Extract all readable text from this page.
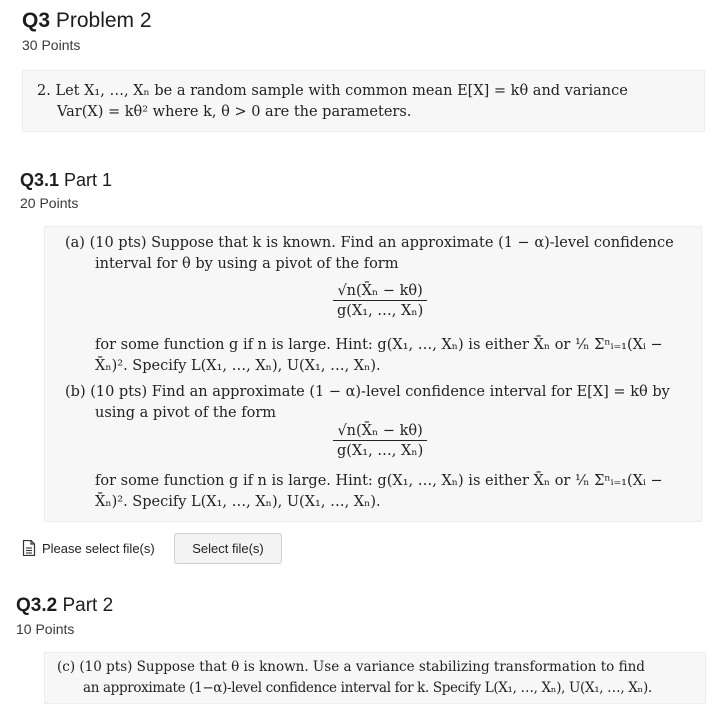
Q3 Problem 2
30 Points
2. Let X₁, …, Xₙ be a random sample with common mean E[X] = kθ and variance
Var(X) = kθ² where k, θ > 0 are the parameters.
Q3.1 Part 1
20 Points
(a) (10 pts) Suppose that k is known. Find an approximate (1 − α)-level confidence
interval for θ by using a pivot of the form
$\frac{\text{√n(X̄ₙ − kθ)}}{\text{g(X₁, …, Xₙ)}}$
for some function g if n is large. Hint: g(X₁, …, Xₙ) is either X̄ₙ or ⅟ₙ Σⁿᵢ₌₁(Xᵢ −
X̄ₙ)². Specify L(X₁, …, Xₙ), U(X₁, …, Xₙ).
(b) (10 pts) Find an approximate (1 − α)-level confidence interval for E[X] = kθ by
using a pivot of the form
$\frac{\text{√n(X̄ₙ − kθ)}}{\text{g(X₁, …, Xₙ)}}$
for some function g if n is large. Hint: g(X₁, …, Xₙ) is either X̄ₙ or ⅟ₙ Σⁿᵢ₌₁(Xᵢ −
X̄ₙ)². Specify L(X₁, …, Xₙ), U(X₁, …, Xₙ).
Please select file(s)	Select file(s)
Q3.2 Part 2
10 Points
(c) (10 pts) Suppose that θ is known. Use a variance stabilizing transformation to find
an approximate (1−α)-level confidence interval for k. Specify L(X₁, …, Xₙ), U(X₁, …, Xₙ).
